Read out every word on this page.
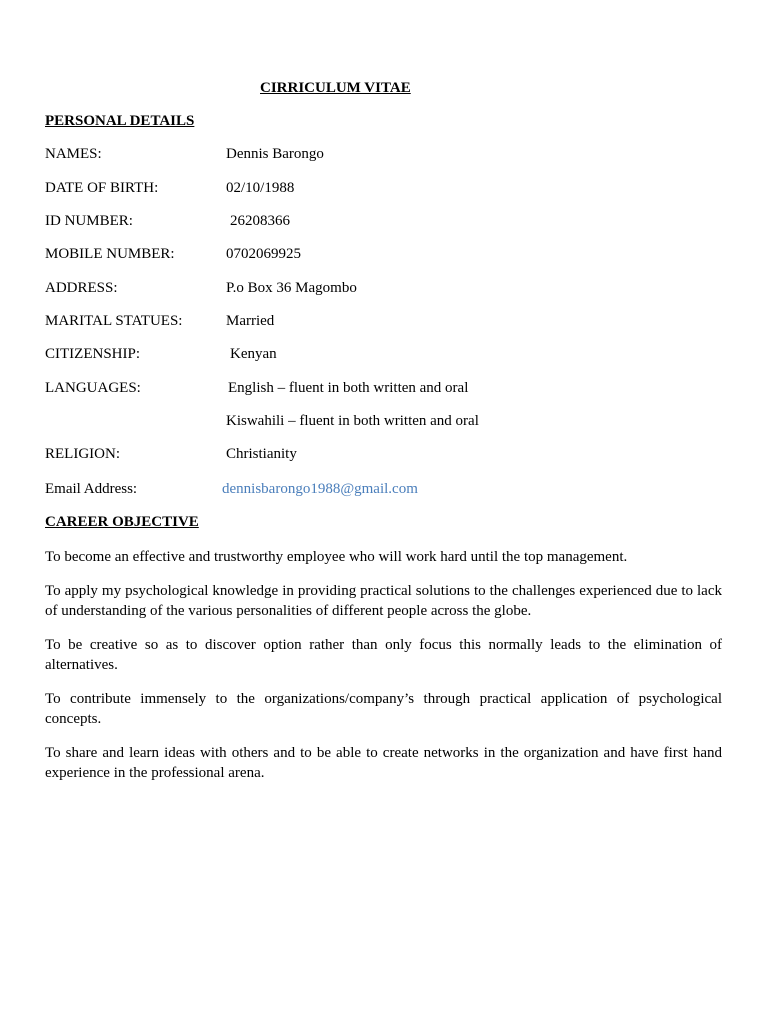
CIRRICULUM VITAE
PERSONAL DETAILS
NAMES:	Dennis Barongo
DATE OF BIRTH:	02/10/1988
ID NUMBER:	26208366
MOBILE NUMBER:	0702069925
ADDRESS:	P.o Box 36 Magombo
MARITAL STATUES:	Married
CITIZENSHIP:	Kenyan
LANGUAGES:	English – fluent in both written and oral
Kiswahili – fluent in both written and oral
RELIGION:	Christianity
Email Address:	dennisbarongo1988@gmail.com
CAREER OBJECTIVE

To become an effective and trustworthy employee who will work hard until the top management.

To apply my psychological knowledge in providing practical solutions to the challenges experienced due to lack of understanding of the various personalities of different people across the globe.

To be creative so as to discover option rather than only focus this normally leads to the elimination of alternatives.

To contribute immensely to the organizations/company’s through practical application of psychological concepts.

To share and learn ideas with others and to be able to create networks in the organization and have first hand experience in the professional arena.
